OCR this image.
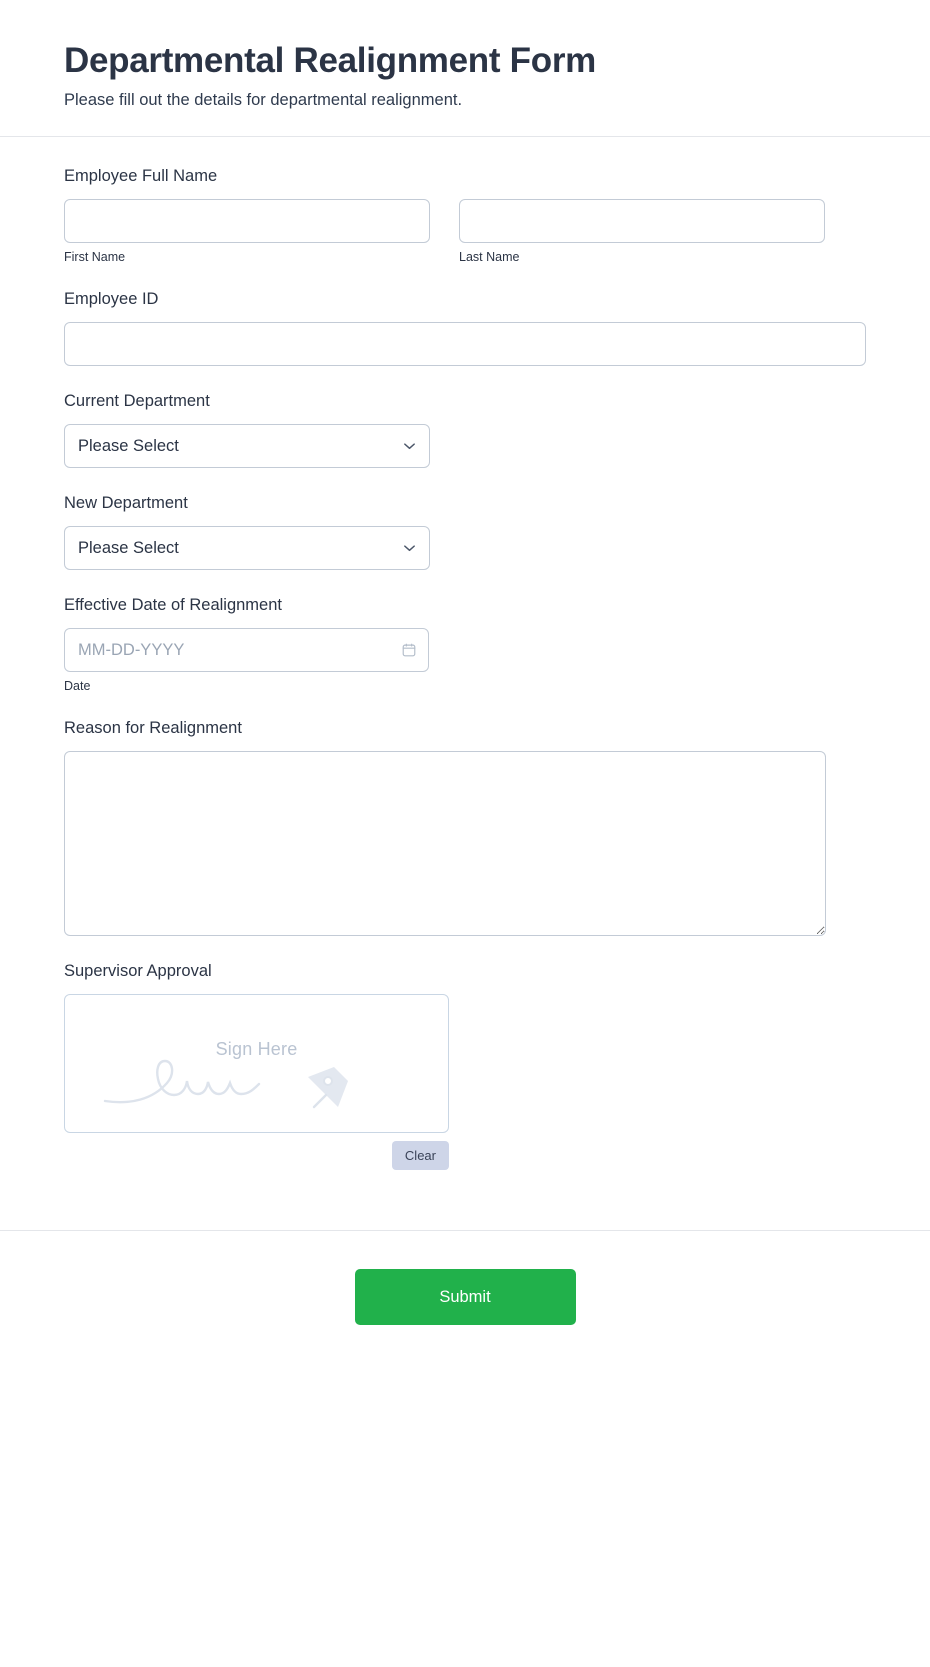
Departmental Realignment Form

Please fill out the details for departmental realignment.

Employee Full Name
First Name	Last Name
Employee ID
Current Department
Please Select
New Department
Please Select
Effective Date of Realignment
MM-DD-YYYY
Date
Reason for Realignment
Supervisor Approval
Sign Here
Clear
Submit
